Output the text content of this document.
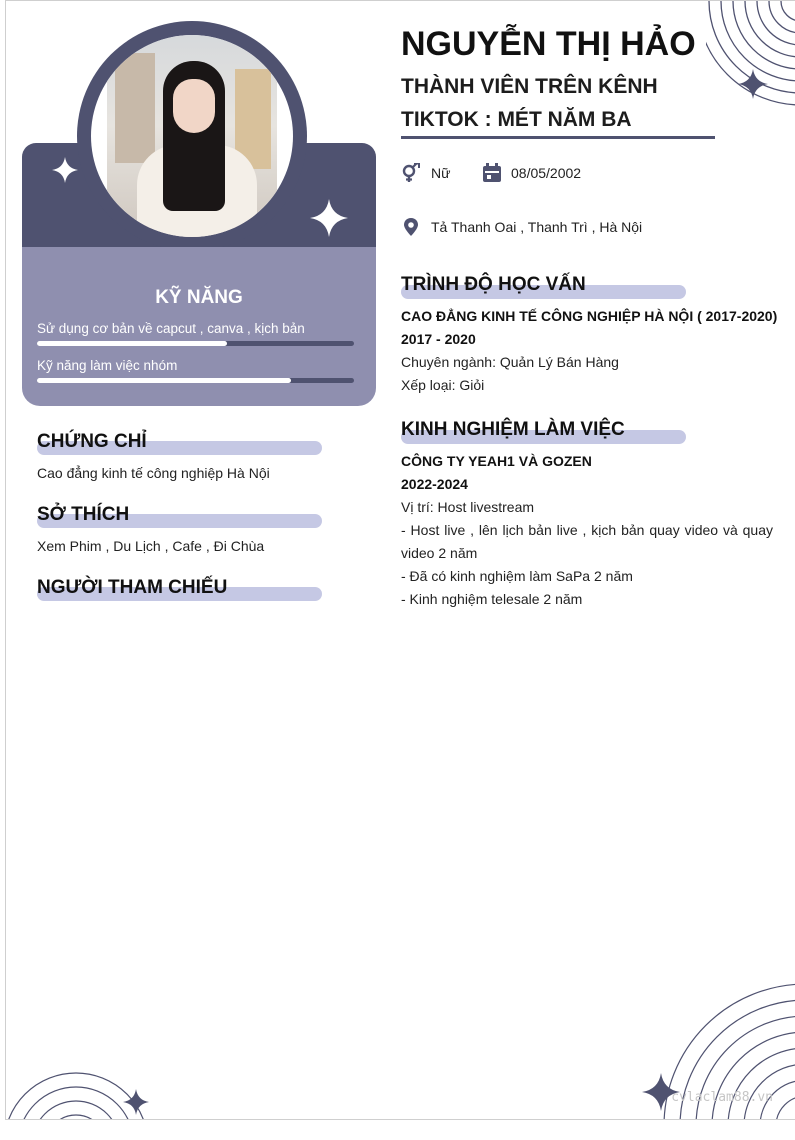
KỸ NĂNG
Sử dụng cơ bản về capcut , canva , kịch bản
Kỹ năng làm việc nhóm
CHỨNG CHỈ
Cao đẳng kinh tế công nghiệp Hà Nội
SỞ THÍCH
Xem Phim , Du Lịch , Cafe , Đi Chùa
NGƯỜI THAM CHIẾU
NGUYỄN THỊ HẢO
THÀNH VIÊN TRÊN KÊNH
TIKTOK : MÉT NĂM BA
Nữ	08/05/2002
Tả Thanh Oai , Thanh Trì , Hà Nội
TRÌNH ĐỘ HỌC VẤN
CAO ĐẲNG KINH TẾ CÔNG NGHIỆP HÀ NỘI ( 2017-2020)
2017 - 2020
Chuyên ngành: Quản Lý Bán Hàng
Xếp loại: Giỏi
KINH NGHIỆM LÀM VIỆC
CÔNG TY YEAH1 VÀ GOZEN
2022-2024
Vị trí: Host livestream
- Host live , lên lịch bản live , kịch bản quay video và quay
video 2 năm
- Đã có kinh nghiệm làm SaPa 2 năm
- Kinh nghiệm telesale 2 năm
cvlaclam88.vn
